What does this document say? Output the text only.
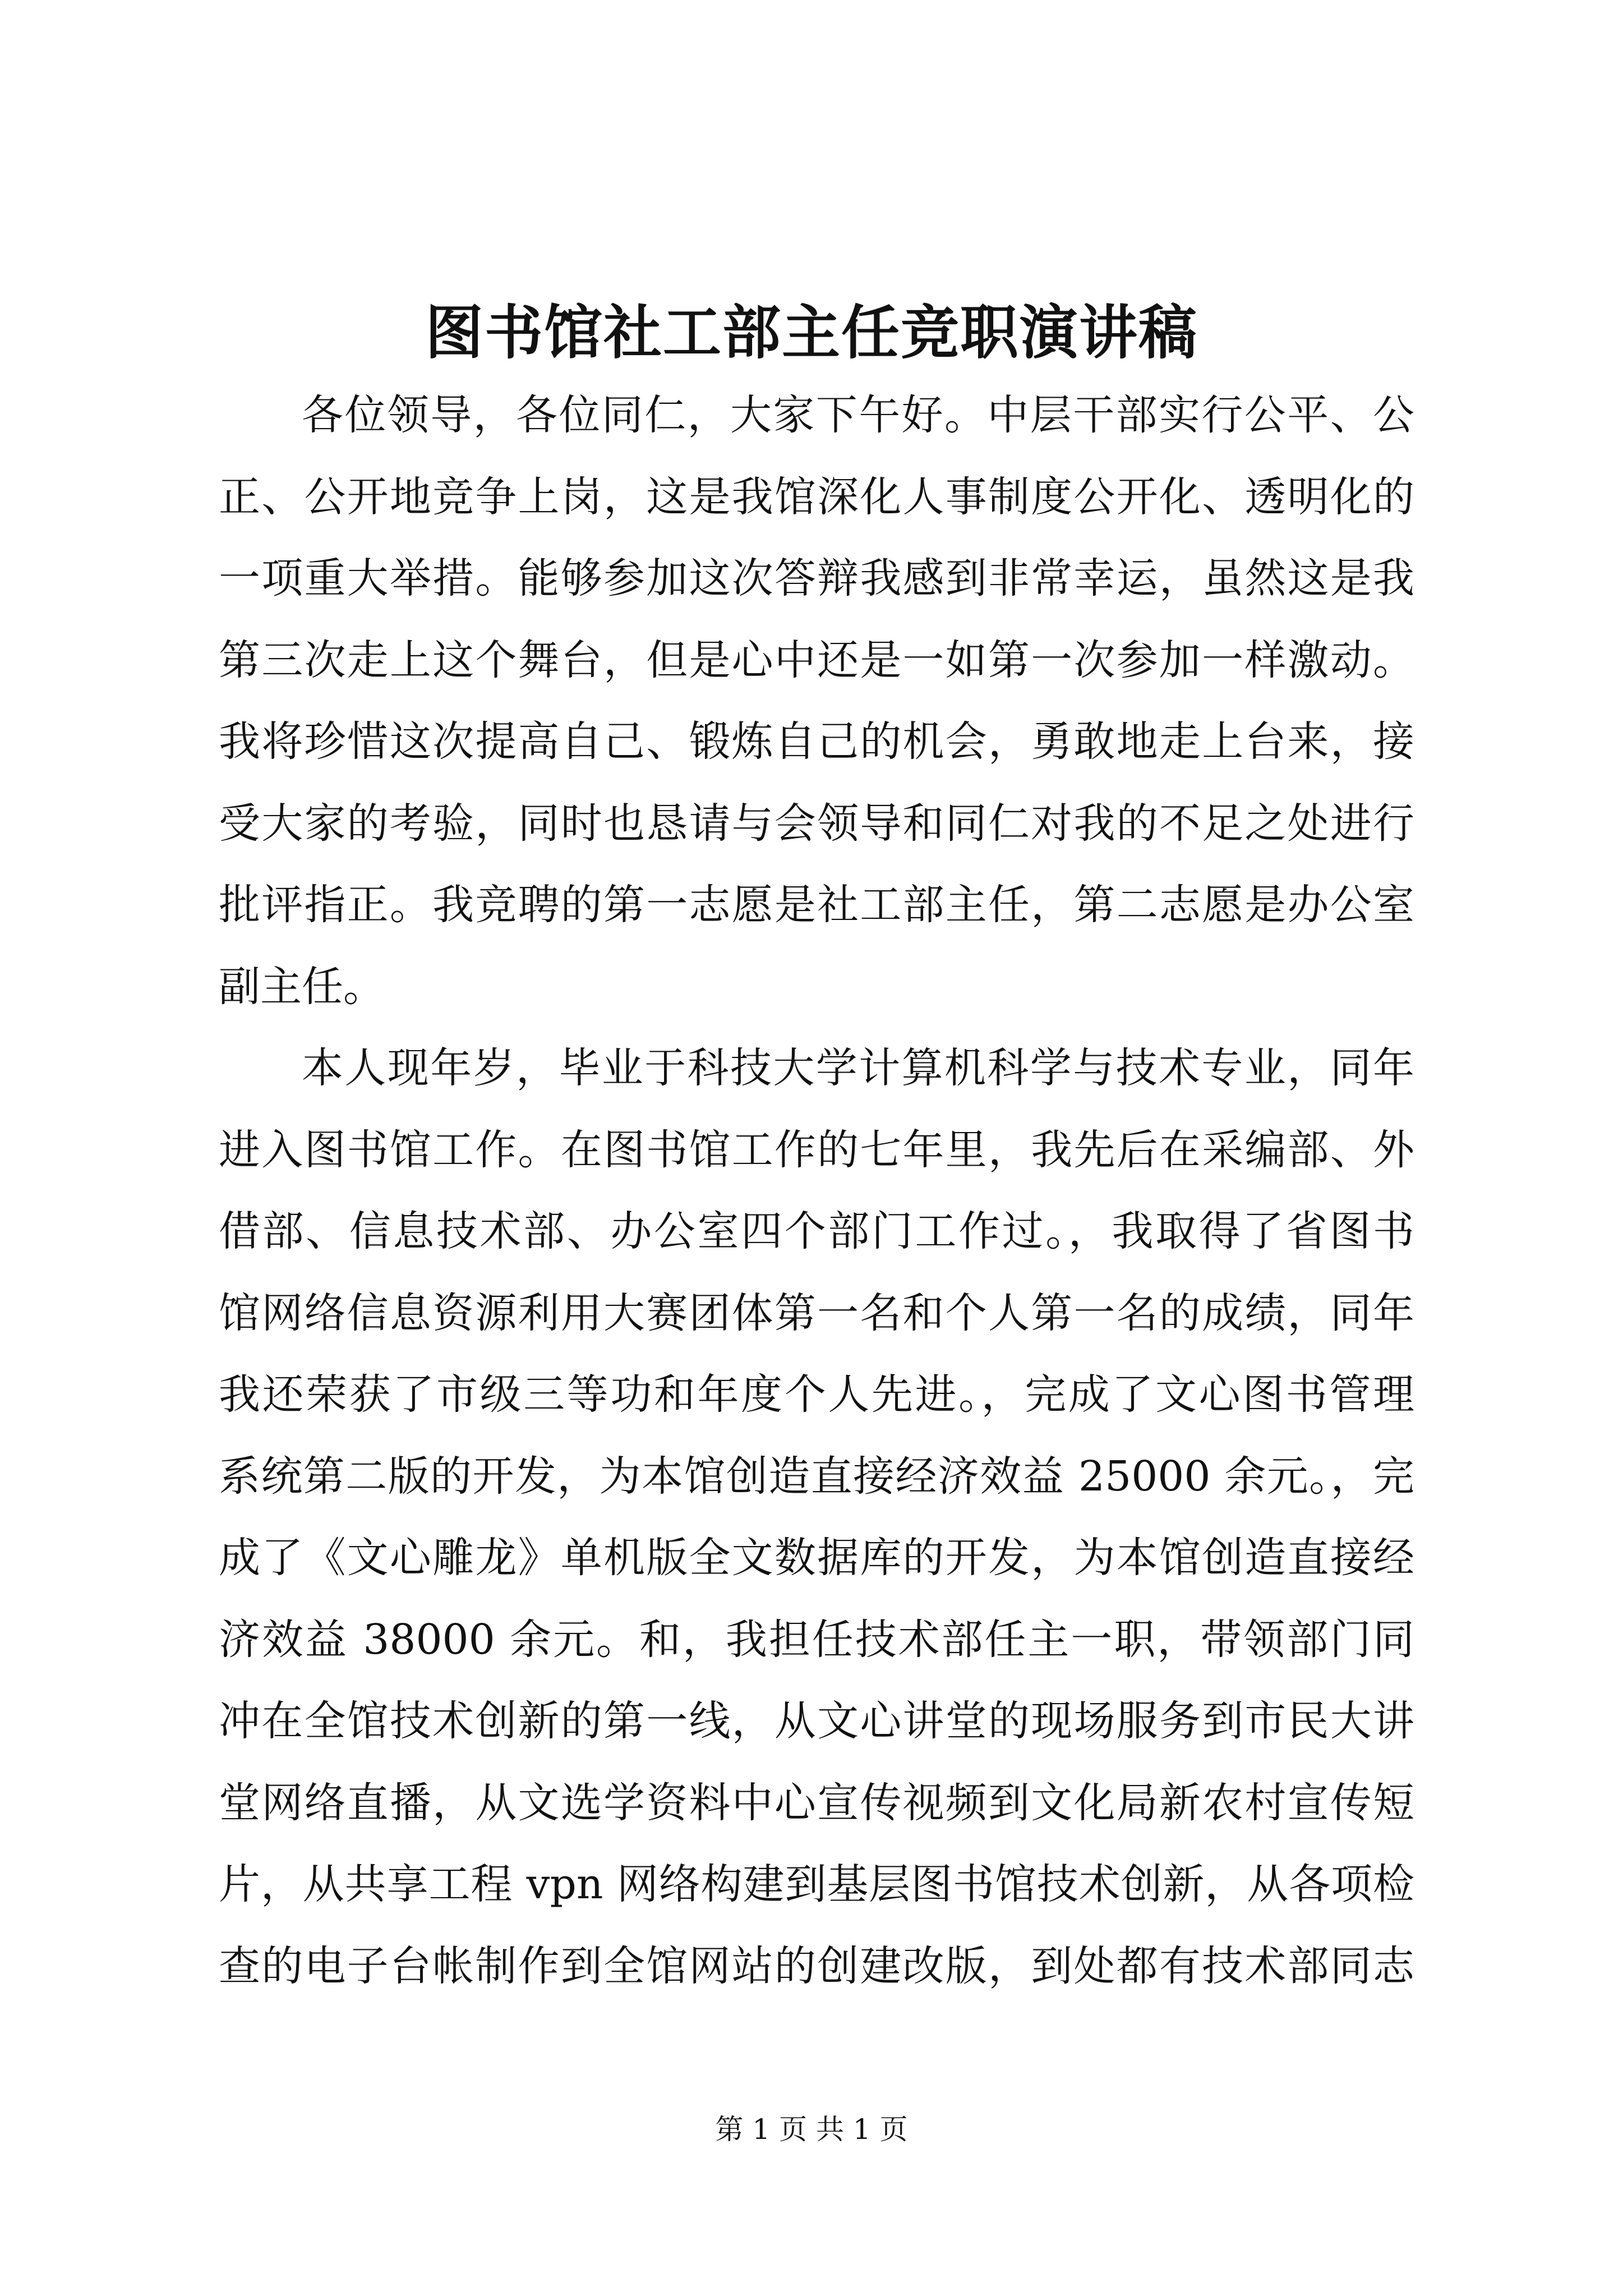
图书馆社工部主任竞职演讲稿
各位领导，各位同仁，大家下午好。中层干部实行公平、公
正、公开地竞争上岗，这是我馆深化人事制度公开化、透明化的
一项重大举措。能够参加这次答辩我感到非常幸运，虽然这是我
第三次走上这个舞台，但是心中还是一如第一次参加一样激动。
我将珍惜这次提高自己、锻炼自己的机会，勇敢地走上台来，接
受大家的考验，同时也恳请与会领导和同仁对我的不足之处进行
批评指正。我竞聘的第一志愿是社工部主任，第二志愿是办公室
副主任。
本人现年岁，毕业于科技大学计算机科学与技术专业，同年
进入图书馆工作。在图书馆工作的七年里，我先后在采编部、外
借部、信息技术部、办公室四个部门工作过。，我取得了省图书
馆网络信息资源利用大赛团体第一名和个人第一名的成绩，同年
我还荣获了市级三等功和年度个人先进。，完成了文心图书管理
系统第二版的开发，为本馆创造直接经济效益 25000 余元。，完
成了《文心雕龙》单机版全文数据库的开发，为本馆创造直接经
济效益 38000 余元。和，我担任技术部任主一职，带领部门同
冲在全馆技术创新的第一线，从文心讲堂的现场服务到市民大讲
堂网络直播，从文选学资料中心宣传视频到文化局新农村宣传短
片，从共享工程 vpn 网络构建到基层图书馆技术创新，从各项检
查的电子台帐制作到全馆网站的创建改版，到处都有技术部同志
第 1 页 共 1 页
